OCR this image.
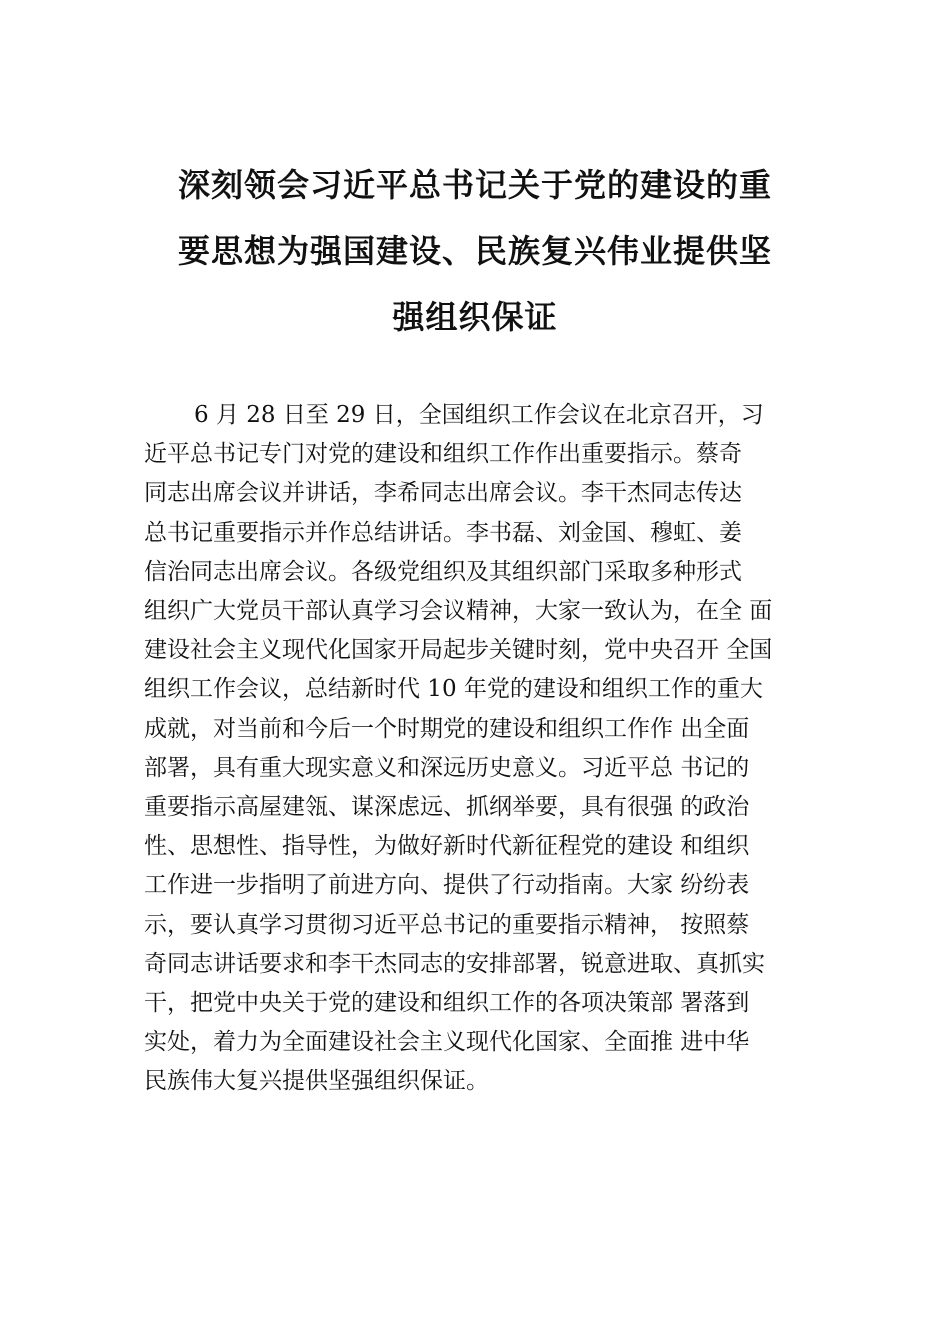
深刻领会习近平总书记关于党的建设的重
要思想为强国建设、民族复兴伟业提供坚
强组织保证
6 月 28 日至 29 日，全国组织工作会议在北京召开，习
近平总书记专门对党的建设和组织工作作出重要指示。蔡奇
同志出席会议并讲话，李希同志出席会议。李干杰同志传达
总书记重要指示并作总结讲话。李书磊、刘金国、穆虹、姜
信治同志出席会议。各级党组织及其组织部门采取多种形式
组织广大党员干部认真学习会议精神，大家一致认为，在全 面
建设社会主义现代化国家开局起步关键时刻，党中央召开 全国
组织工作会议，总结新时代 10 年党的建设和组织工作的重大
成就，对当前和今后一个时期党的建设和组织工作作 出全面
部署，具有重大现实意义和深远历史意义。习近平总 书记的
重要指示高屋建瓴、谋深虑远、抓纲举要，具有很强 的政治
性、思想性、指导性，为做好新时代新征程党的建设 和组织
工作进一步指明了前进方向、提供了行动指南。大家 纷纷表
示，要认真学习贯彻习近平总书记的重要指示精神， 按照蔡
奇同志讲话要求和李干杰同志的安排部署，锐意进取、真抓实
干，把党中央关于党的建设和组织工作的各项决策部 署落到
实处，着力为全面建设社会主义现代化国家、全面推 进中华
民族伟大复兴提供坚强组织保证。
